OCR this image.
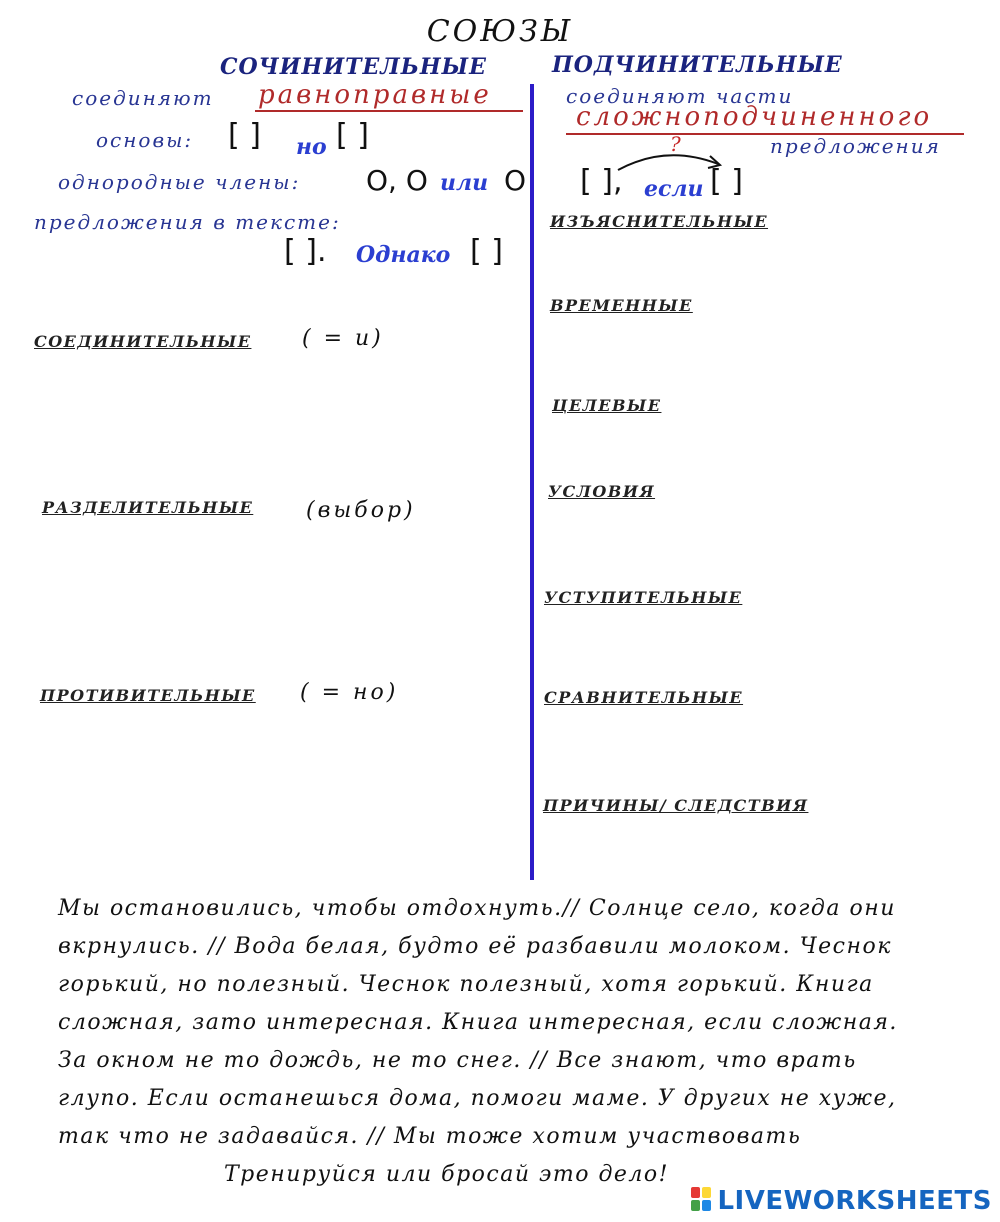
СОЮЗЫ
СОЧИНИТЕЛЬНЫЕ	ПОДЧИНИТЕЛЬНЫЕ
соединяют равноправные
основы: [ ] но [ ]
однородные члены: O, O или O
предложения в тексте:
[ ]. Однако [ ]
СОЕДИНИТЕЛЬНЫЕ ( = и)
РАЗДЕЛИТЕЛЬНЫЕ (выбор)
ПРОТИВИТЕЛЬНЫЕ ( = но)
соединяют части
сложноподчиненного
?	предложения
[ ], если [ ]
ИЗЪЯСНИТЕЛЬНЫЕ
ВРЕМЕННЫЕ
ЦЕЛЕВЫЕ
УСЛОВИЯ
УСТУПИТЕЛЬНЫЕ
СРАВНИТЕЛЬНЫЕ
ПРИЧИНЫ/ СЛЕДСТВИЯ
Мы остановились, чтобы отдохнуть.// Солнце село, когда они
вкрнулись. // Вода белая, будто её разбавили молоком. Чеснок
горький, но полезный. Чеснок полезный, хотя горький. Книга
сложная, зато интересная. Книга интересная, если сложная.
За окном не то дождь, не то снег. // Все знают, что врать
глупо. Если останешься дома, помоги маме. У других не хуже,
так что не задавайся. // Мы тоже хотим участвовать
Тренируйся или бросай это дело!
LIVEWORKSHEETS
